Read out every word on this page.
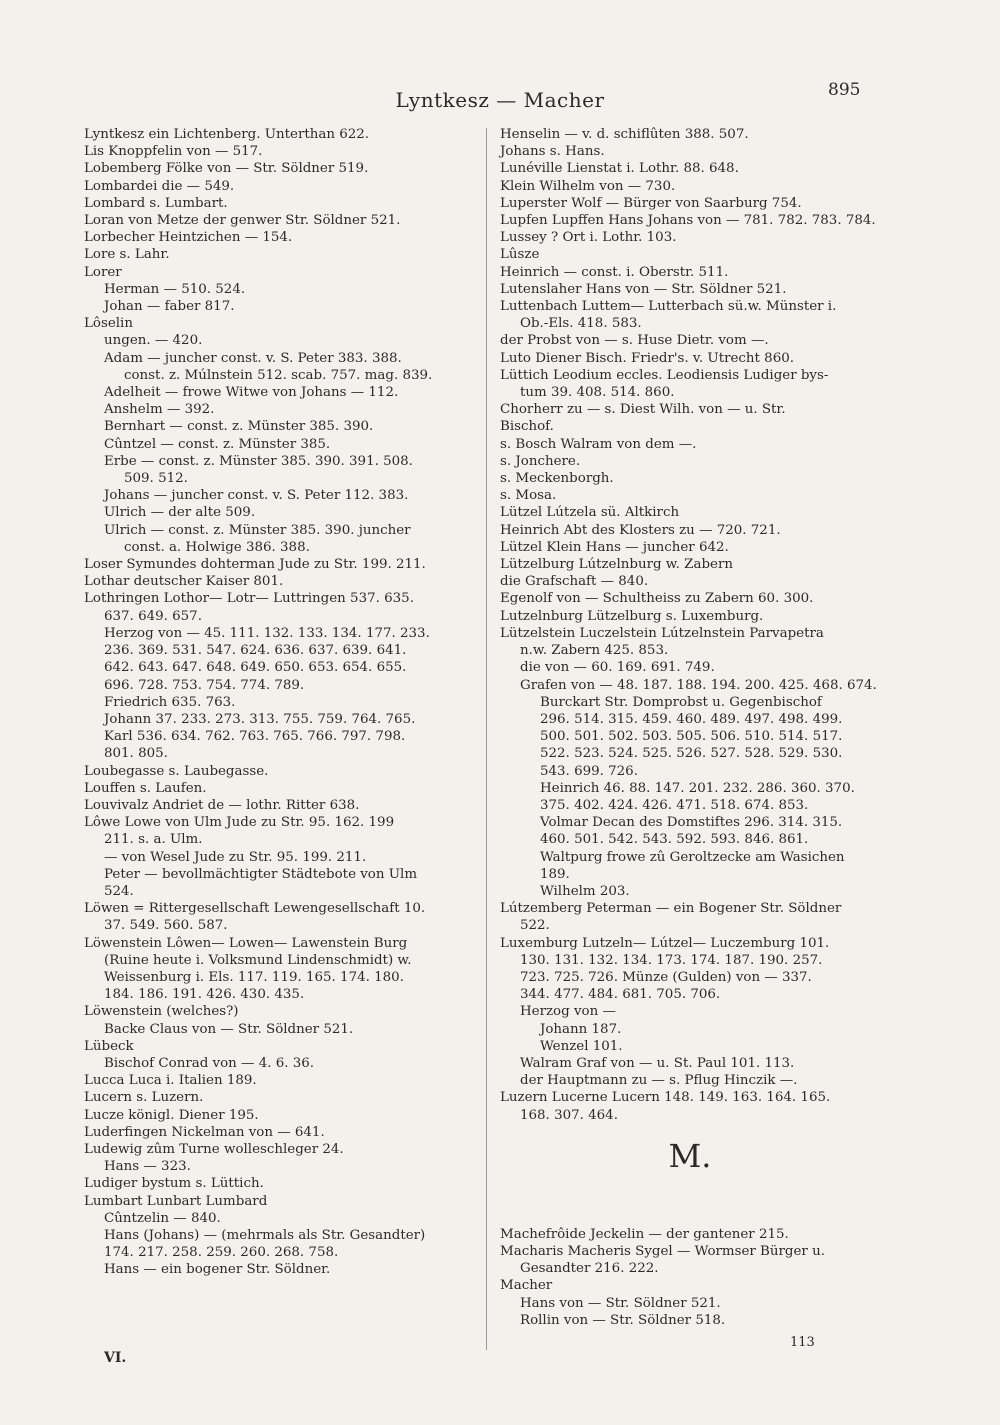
Lyntkesz — Macher	895
Lyntkesz ein Lichtenberg. Unterthan 622.
Lis Knoppfelin von — 517.
Lobemberg Fölke von — Str. Söldner 519.
Lombardei die — 549.
Lombard s. Lumbart.
Loran von Metze der genwer Str. Söldner 521.
Lorbecher Heintzichen — 154.
Lore s. Lahr.
Lorer
Herman — 510. 524.
Johan — faber 817.
Lôselin
ungen. — 420.
Adam — juncher const. v. S. Peter 383. 388.
const. z. Múlnstein 512. scab. 757. mag. 839.
Adelheit — frowe Witwe von Johans — 112.
Anshelm — 392.
Bernhart — const. z. Münster 385. 390.
Cûntzel — const. z. Münster 385.
Erbe — const. z. Münster 385. 390. 391. 508.
509. 512.
Johans — juncher const. v. S. Peter 112. 383.
Ulrich — der alte 509.
Ulrich — const. z. Münster 385. 390. juncher
const. a. Holwige 386. 388.
Loser Symundes dohterman Jude zu Str. 199. 211.
Lothar deutscher Kaiser 801.
Lothringen Lothor— Lotr— Luttringen 537. 635.
637. 649. 657.
Herzog von — 45. 111. 132. 133. 134. 177. 233.
236. 369. 531. 547. 624. 636. 637. 639. 641.
642. 643. 647. 648. 649. 650. 653. 654. 655.
696. 728. 753. 754. 774. 789.
Friedrich 635. 763.
Johann 37. 233. 273. 313. 755. 759. 764. 765.
Karl 536. 634. 762. 763. 765. 766. 797. 798.
801. 805.
Loubegasse s. Laubegasse.
Louffen s. Laufen.
Louvivalz Andriet de — lothr. Ritter 638.
Lôwe Lowe von Ulm Jude zu Str. 95. 162. 199
211. s. a. Ulm.
— von Wesel Jude zu Str. 95. 199. 211.
Peter — bevollmächtigter Städtebote von Ulm
524.
Löwen = Rittergesellschaft Lewengesellschaft 10.
37. 549. 560. 587.
Löwenstein Lôwen— Lowen— Lawenstein Burg
(Ruine heute i. Volksmund Lindenschmidt) w.
Weissenburg i. Els. 117. 119. 165. 174. 180.
184. 186. 191. 426. 430. 435.
Löwenstein (welches?)
Backe Claus von — Str. Söldner 521.
Lübeck
Bischof Conrad von — 4. 6. 36.
Lucca Luca i. Italien 189.
Lucern s. Luzern.
Lucze königl. Diener 195.
Luderfingen Nickelman von — 641.
Ludewig zûm Turne wolleschleger 24.
Hans — 323.
Ludiger bystum s. Lüttich.
Lumbart Lunbart Lumbard
Cûntzelin — 840.
Hans (Johans) — (mehrmals als Str. Gesandter)
174. 217. 258. 259. 260. 268. 758.
Hans — ein bogener Str. Söldner.
Henselin — v. d. schiflûten 388. 507.
Johans s. Hans.
Lunéville Lienstat i. Lothr. 88. 648.
Klein Wilhelm von — 730.
Luperster Wolf — Bürger von Saarburg 754.
Lupfen Lupffen Hans Johans von — 781. 782. 783. 784.
Lussey ? Ort i. Lothr. 103.
Lûsze
Heinrich — const. i. Oberstr. 511.
Lutenslaher Hans von — Str. Söldner 521.
Luttenbach Luttem— Lutterbach sü.w. Münster i.
Ob.-Els. 418. 583.
der Probst von — s. Huse Dietr. vom —.
Luto Diener Bisch. Friedr's. v. Utrecht 860.
Lüttich Leodium eccles. Leodiensis Ludiger bys-
tum 39. 408. 514. 860.
Chorherr zu — s. Diest Wilh. von — u. Str.
Bischof.
s. Bosch Walram von dem —.
s. Jonchere.
s. Meckenborgh.
s. Mosa.
Lützel Lútzela sü. Altkirch
Heinrich Abt des Klosters zu — 720. 721.
Lützel Klein Hans — juncher 642.
Lützelburg Lútzelnburg w. Zabern
die Grafschaft — 840.
Egenolf von — Schultheiss zu Zabern 60. 300.
Lutzelnburg Lützelburg s. Luxemburg.
Lützelstein Luczelstein Lútzelnstein Parvapetra
n.w. Zabern 425. 853.
die von — 60. 169. 691. 749.
Grafen von — 48. 187. 188. 194. 200. 425. 468. 674.
Burckart Str. Domprobst u. Gegenbischof
296. 514. 315. 459. 460. 489. 497. 498. 499.
500. 501. 502. 503. 505. 506. 510. 514. 517.
522. 523. 524. 525. 526. 527. 528. 529. 530.
543. 699. 726.
Heinrich 46. 88. 147. 201. 232. 286. 360. 370.
375. 402. 424. 426. 471. 518. 674. 853.
Volmar Decan des Domstiftes 296. 314. 315.
460. 501. 542. 543. 592. 593. 846. 861.
Waltpurg frowe zû Geroltzecke am Wasichen
189.
Wilhelm 203.
Lútzemberg Peterman — ein Bogener Str. Söldner
522.
Luxemburg Lutzeln— Lútzel— Luczemburg 101.
130. 131. 132. 134. 173. 174. 187. 190. 257.
723. 725. 726. Münze (Gulden) von — 337.
344. 477. 484. 681. 705. 706.
Herzog von —
Johann 187.
Wenzel 101.
Walram Graf von — u. St. Paul 101. 113.
der Hauptmann zu — s. Pflug Hinczik —.
Luzern Lucerne Lucern 148. 149. 163. 164. 165.
168. 307. 464.
M.
Machefrôide Jeckelin — der gantener 215.
Macharis Macheris Sygel — Wormser Bürger u.
Gesandter 216. 222.
Macher
Hans von — Str. Söldner 521.
Rollin von — Str. Söldner 518.
VI.
113
